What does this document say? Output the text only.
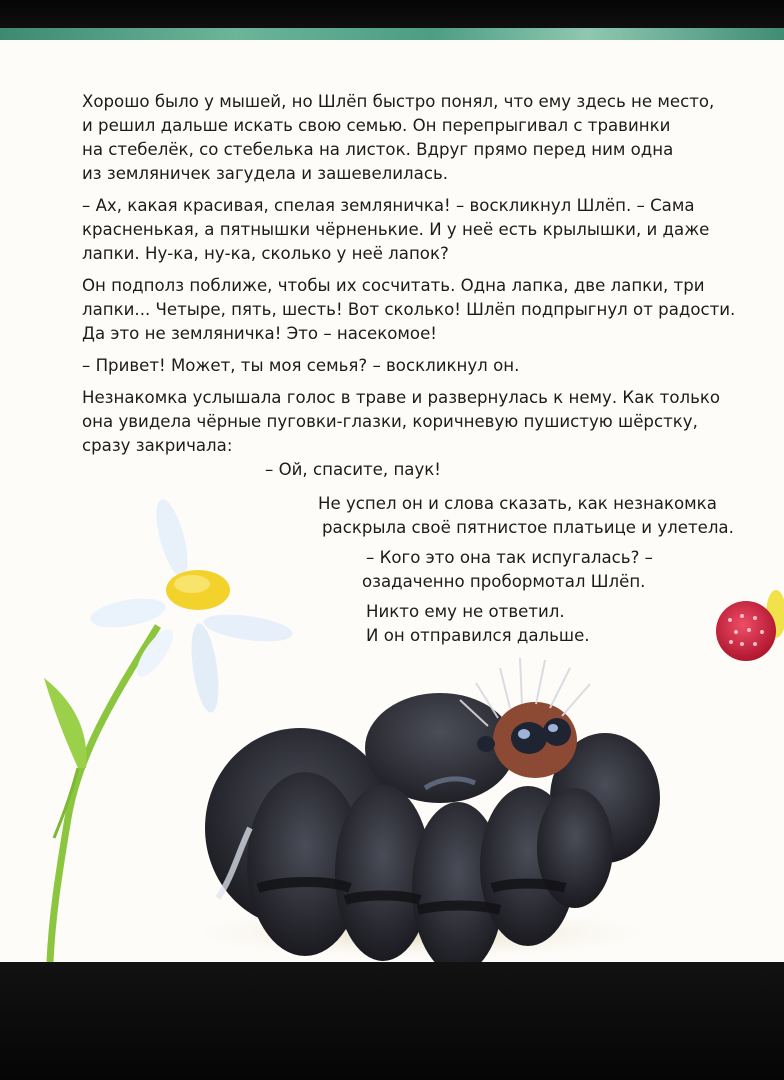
Хорошо было у мышей, но Шлёп быстро понял, что ему здесь не место,
и решил дальше искать свою семью. Он перепрыгивал с травинки
на стебелёк, со стебелька на листок. Вдруг прямо перед ним одна
из земляничек загудела и зашевелилась.

– Ах, какая красивая, спелая земляничка! – воскликнул Шлёп. – Сама
красненькая, а пятнышки чёрненькие. И у неё есть крылышки, и даже
лапки. Ну-ка, ну-ка, сколько у неё лапок?

Он подполз поближе, чтобы их сосчитать. Одна лапка, две лапки, три
лапки... Четыре, пять, шесть! Вот сколько! Шлёп подпрыгнул от радости.
Да это не земляничка! Это – насекомое!

– Привет! Может, ты моя семья? – воскликнул он.

Незнакомка услышала голос в траве и развернулась к нему. Как только
она увидела чёрные пуговки-глазки, коричневую пушистую шёрстку,
сразу закричала:

– Ой, спасите, паук!
Не успел он и слова сказать, как незнакомка
раскрыла своё пятнистое платьице и улетела.
– Кого это она так испугалась? –
озадаченно пробормотал Шлёп.
Никто ему не ответил.
И он отправился дальше.
